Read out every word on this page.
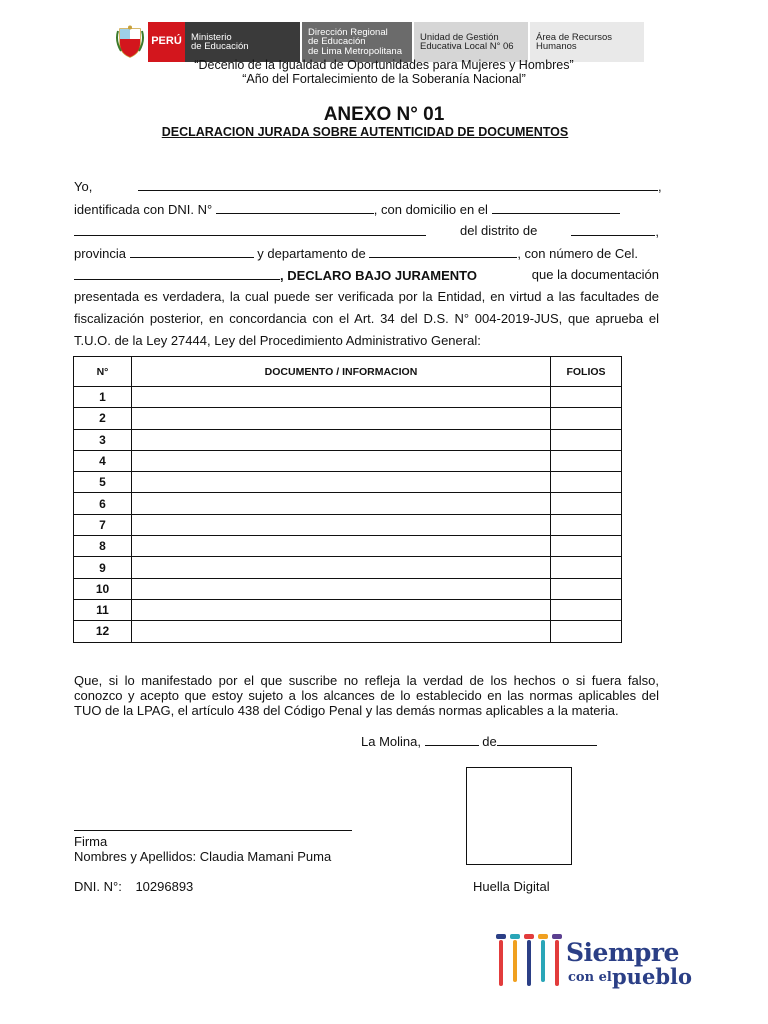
PERÚ Ministerio
de Educación
Dirección Regional
de Educación
de Lima Metropolitana
Unidad de Gestión
Educativa Local N° 06
Área de Recursos
Humanos
“Decenio de la Igualdad de Oportunidades para Mujeres y Hombres”
“Año del Fortalecimiento de la Soberanía Nacional”
ANEXO N° 01
DECLARACION JURADA SOBRE AUTENTICIDAD DE DOCUMENTOS
Yo,	,
identificada con DNI. N°	, con domicilio en el
del distrito de	,
provincia	y departamento de	, con número de Cel.
, DECLARO BAJO JURAMENTO	que la documentación
presentada es verdadera, la cual puede ser verificada por la Entidad, en virtud a las facultades de
fiscalización posterior, en concordancia con el Art. 34 del D.S. N° 004-2019-JUS, que aprueba el
T.U.O. de la Ley 27444, Ley del Procedimiento Administrativo General:
N°	DOCUMENTO / INFORMACION	FOLIOS
1		
2		
3		
4		
5		
6		
7		
8		
9		
10		
11		
12		
Que, si lo manifestado por el que suscribe no refleja la verdad de los hechos o si fuera falso,
conozco y acepto que estoy sujeto a los alcances de lo establecido en las normas aplicables del
TUO de la LPAG, el artículo 438 del Código Penal y las demás normas aplicables a la materia.
La Molina,	de
Firma
Nombres y Apellidos: Claudia Mamani Puma
DNI. N°: 10296893	Huella Digital
Siempre
con el pueblo
